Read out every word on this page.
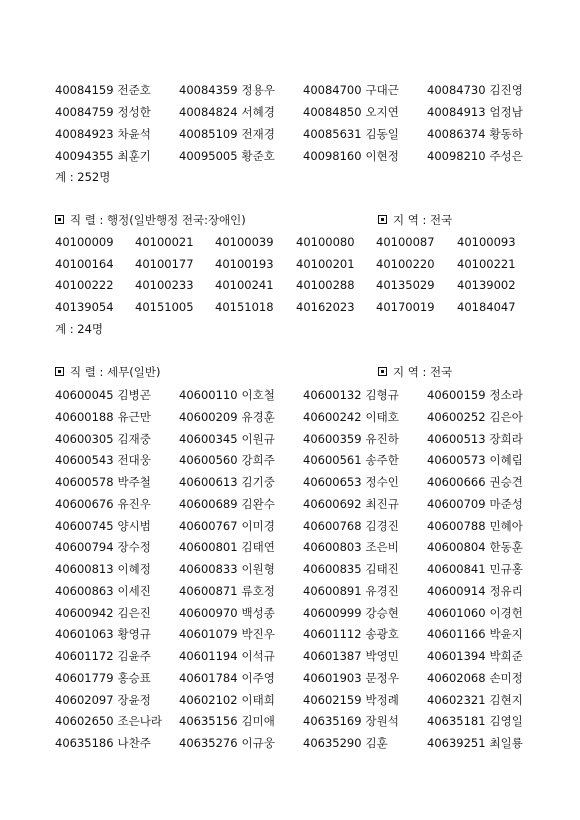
40084159 전준호 40084359 정용우 40084700 구대근 40084730 김진영
40084759 정성한 40084824 서혜경 40084850 오지연 40084913 엄정남
40084923 차윤석 40085109 전재경 40085631 김동일 40086374 황동하
40094355 최훈기 40095005 황준호 40098160 이현정 40098210 주성은
계 : 252명
직 렬 : 행정(일반행정 전국:장애인)	지 역 : 전국
40100009 40100021 40100039 40100080 40100087 40100093
40100164 40100177 40100193 40100201 40100220 40100221
40100222 40100233 40100241 40100288 40135029 40139002
40139054 40151005 40151018 40162023 40170019 40184047
계 : 24명
직 렬 : 세무(일반)	지 역 : 전국
40600045 김병곤 40600110 이호철 40600132 김형규 40600159 정소라
40600188 유근만 40600209 유경훈 40600242 이태호 40600252 김은아
40600305 김재중 40600345 이원규 40600359 유진하 40600513 장희라
40600543 전대웅 40600560 강희주 40600561 송주한 40600573 이혜림
40600578 박주철 40600613 김기중 40600653 정수인 40600666 권승견
40600676 유진우 40600689 김완수 40600692 최진규 40600709 마준성
40600745 양시범 40600767 이미경 40600768 김경진 40600788 민혜아
40600794 장수정 40600801 김태연 40600803 조은비 40600804 한동훈
40600813 이혜정 40600833 이원형 40600835 김태진 40600841 민규홍
40600863 이세진 40600871 류호정 40600891 유경진 40600914 정유리
40600942 김은진 40600970 백성종 40600999 강승현 40601060 이경헌
40601063 황영규 40601079 박진우 40601112 송광호 40601166 박윤지
40601172 김윤주 40601194 이석규 40601387 박영민 40601394 박희준
40601779 홍승표 40601784 이주영 40601903 문정우 40602068 손미정
40602097 장윤정 40602102 이태희 40602159 박정례 40602321 김현지
40602650 조은나라 40635156 김미애 40635169 장원석 40635181 김영일
40635186 나찬주 40635276 이규웅 40635290 김훈	40639251 최일룡
